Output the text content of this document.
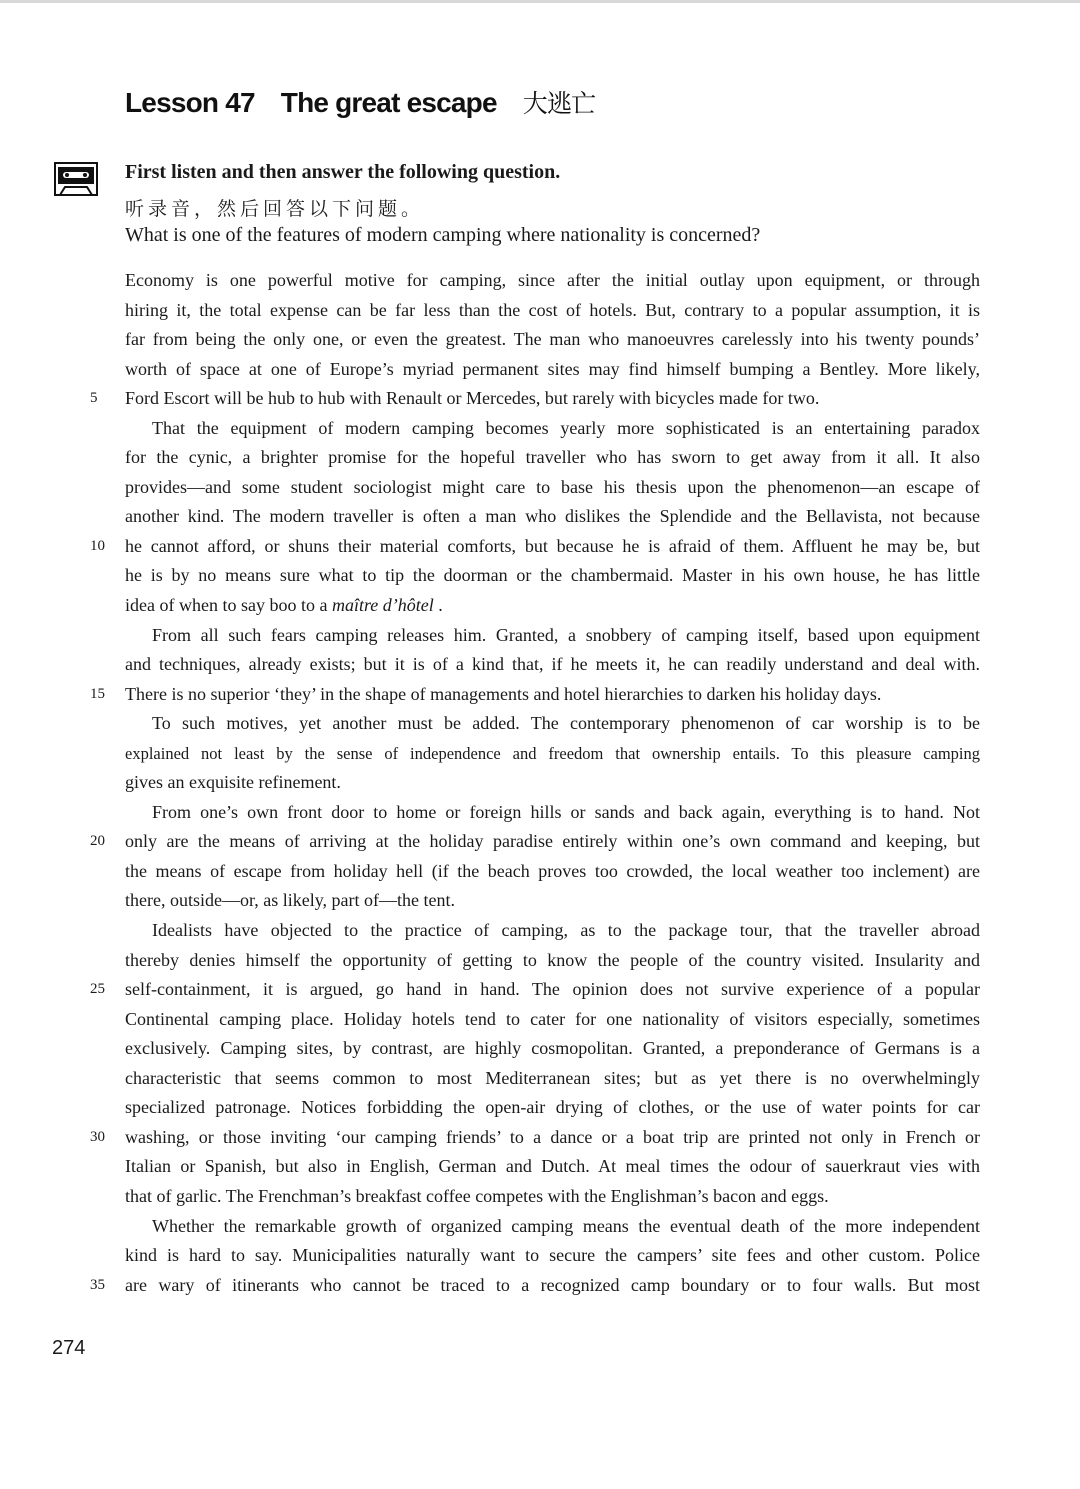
Lesson 47 The great escape 大逃亡
First listen and then answer the following question.
听录音，然后回答以下问题。
What is one of the features of modern camping where nationality is concerned?
Economy is one powerful motive for camping, since after the initial outlay upon equipment, or through
hiring it, the total expense can be far less than the cost of hotels. But, contrary to a popular assumption, it is
far from being the only one, or even the greatest. The man who manoeuvres carelessly into his twenty pounds’
worth of space at one of Europe’s myriad permanent sites may find himself bumping a Bentley. More likely,
Ford Escort will be hub to hub with Renault or Mercedes, but rarely with bicycles made for two.
5
That the equipment of modern camping becomes yearly more sophisticated is an entertaining paradox
for the cynic, a brighter promise for the hopeful traveller who has sworn to get away from it all. It also
provides—and some student sociologist might care to base his thesis upon the phenomenon—an escape of
another kind. The modern traveller is often a man who dislikes the Splendide and the Bellavista, not because
he cannot afford, or shuns their material comforts, but because he is afraid of them. Affluent he may be, but
10
he is by no means sure what to tip the doorman or the chambermaid. Master in his own house, he has little
idea of when to say boo to a maître d’hôtel .
From all such fears camping releases him. Granted, a snobbery of camping itself, based upon equipment
and techniques, already exists; but it is of a kind that, if he meets it, he can readily understand and deal with.
There is no superior ‘they’ in the shape of managements and hotel hierarchies to darken his holiday days.
15
To such motives, yet another must be added. The contemporary phenomenon of car worship is to be
explained not least by the sense of independence and freedom that ownership entails. To this pleasure camping
gives an exquisite refinement.
From one’s own front door to home or foreign hills or sands and back again, everything is to hand. Not
only are the means of arriving at the holiday paradise entirely within one’s own command and keeping, but
20
the means of escape from holiday hell (if the beach proves too crowded, the local weather too inclement) are
there, outside—or, as likely, part of—the tent.
Idealists have objected to the practice of camping, as to the package tour, that the traveller abroad
thereby denies himself the opportunity of getting to know the people of the country visited. Insularity and
self-containment, it is argued, go hand in hand. The opinion does not survive experience of a popular
25
Continental camping place. Holiday hotels tend to cater for one nationality of visitors especially, sometimes
exclusively. Camping sites, by contrast, are highly cosmopolitan. Granted, a preponderance of Germans is a
characteristic that seems common to most Mediterranean sites; but as yet there is no overwhelmingly
specialized patronage. Notices forbidding the open-air drying of clothes, or the use of water points for car
washing, or those inviting ‘our camping friends’ to a dance or a boat trip are printed not only in French or
30
Italian or Spanish, but also in English, German and Dutch. At meal times the odour of sauerkraut vies with
that of garlic. The Frenchman’s breakfast coffee competes with the Englishman’s bacon and eggs.
Whether the remarkable growth of organized camping means the eventual death of the more independent
kind is hard to say. Municipalities naturally want to secure the campers’ site fees and other custom. Police
are wary of itinerants who cannot be traced to a recognized camp boundary or to four walls. But most
35
274
